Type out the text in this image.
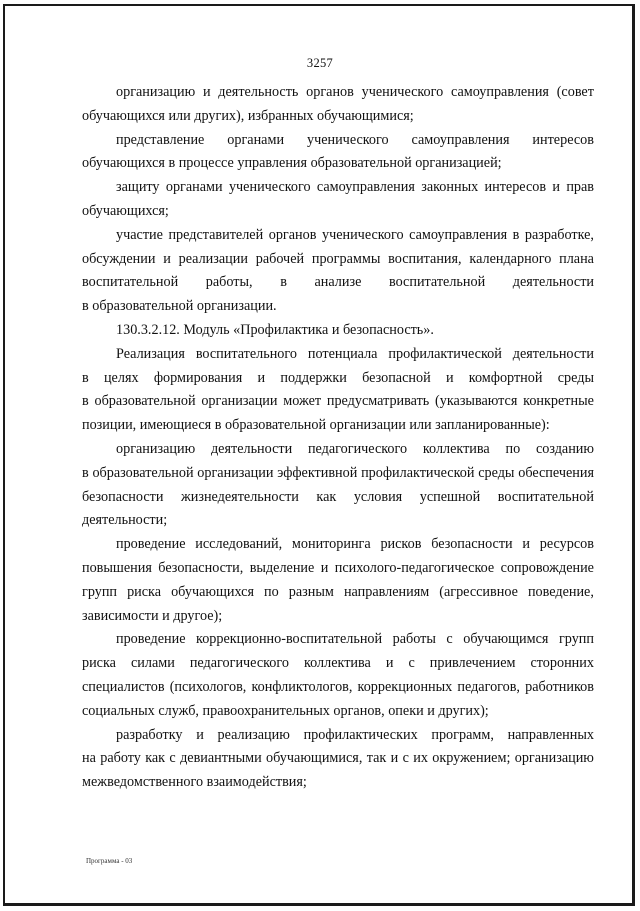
3257
организацию и деятельность органов ученического самоуправления (совет
обучающихся или других), избранных обучающимися;
представление органами ученического самоуправления интересов
обучающихся в процессе управления образовательной организацией;
защиту органами ученического самоуправления законных интересов и прав
обучающихся;
участие представителей органов ученического самоуправления в разработке,
обсуждении и реализации рабочей программы воспитания, календарного плана
воспитательной работы, в анализе воспитательной деятельности
в образовательной организации.
130.3.2.12. Модуль «Профилактика и безопасность».
Реализация воспитательного потенциала профилактической деятельности
в целях формирования и поддержки безопасной и комфортной среды
в образовательной организации может предусматривать (указываются конкретные
позиции, имеющиеся в образовательной организации или запланированные):
организацию деятельности педагогического коллектива по созданию
в образовательной организации эффективной профилактической среды обеспечения
безопасности жизнедеятельности как условия успешной воспитательной
деятельности;
проведение исследований, мониторинга рисков безопасности и ресурсов
повышения безопасности, выделение и психолого-педагогическое сопровождение
групп риска обучающихся по разным направлениям (агрессивное поведение,
зависимости и другое);
проведение коррекционно-воспитательной работы с обучающимся групп
риска силами педагогического коллектива и с привлечением сторонних
специалистов (психологов, конфликтологов, коррекционных педагогов, работников
социальных служб, правоохранительных органов, опеки и других);
разработку и реализацию профилактических программ, направленных
на работу как с девиантными обучающимися, так и с их окружением; организацию
межведомственного взаимодействия;
Программа - 03
